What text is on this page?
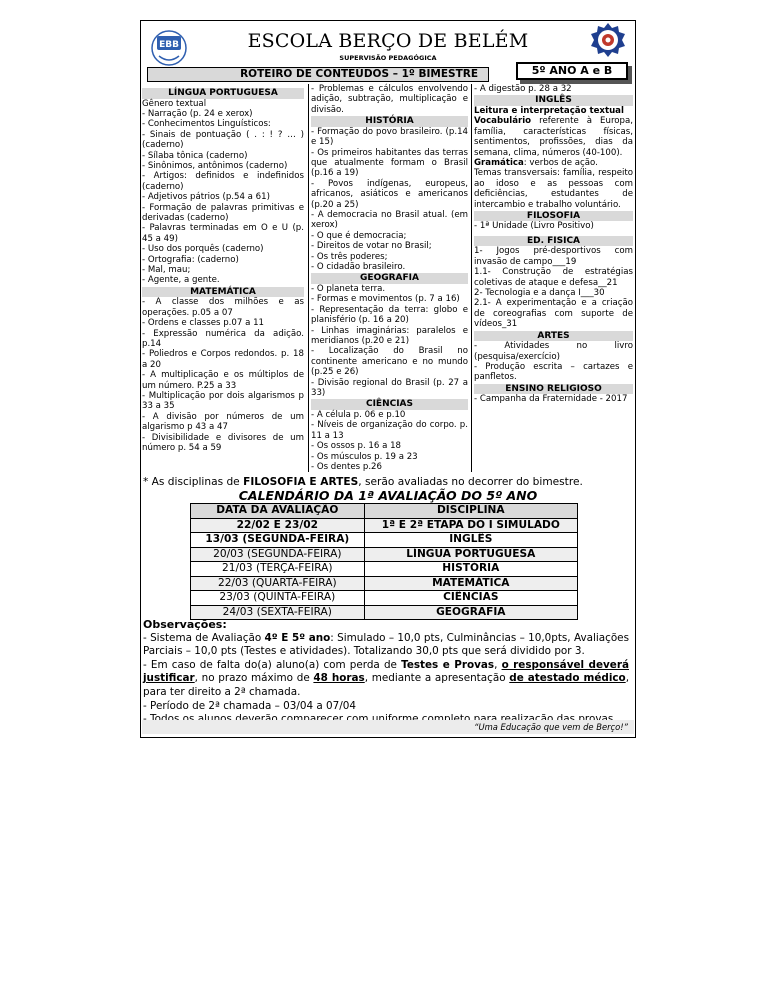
EBB	ESCOLA BERÇO DE BELÉM
SUPERVISÃO PEDAGÓGICA
ROTEIRO DE CONTEÚDOS – 1º BIMESTRE	5º ANO A e B
LÍNGUA PORTUGUESA

Gênero textual

- Narração (p. 24 e xerox)

- Conhecimentos Linguísticos:

- Sinais de pontuação ( . : ! ? … ) (caderno)

- Sílaba tônica (caderno)

- Sinônimos, antônimos (caderno)

- Artigos: definidos e indefinidos (caderno)

- Adjetivos pátrios (p.54 a 61)

- Formação de palavras primitivas e derivadas (caderno)

- Palavras terminadas em O e U (p. 45 a 49)

- Uso dos porquês (caderno)

- Ortografia: (caderno)

- Mal, mau;

- Agente, a gente.

MATEMÁTICA

- A classe dos milhões e as operações. p.05 a 07

- Ordens e classes p.07 a 11

- Expressão numérica da adição. p.14

- Poliedros e Corpos redondos. p. 18 a 20

- A multiplicação e os múltiplos de um número. P.25 a 33

- Multiplicação por dois algarismos p 33 a 35

- A divisão por números de um algarismo p 43 a 47

- Divisibilidade e divisores de um número p. 54 a 59

- Problemas e cálculos envolvendo adição, subtração, multiplicação e divisão.

HISTÓRIA

- Formação do povo brasileiro. (p.14 e 15)

- Os primeiros habitantes das terras que atualmente formam o Brasil (p.16 a 19)

- Povos indígenas, europeus, africanos, asiáticos e americanos (p.20 a 25)

- A democracia no Brasil atual. (em xerox)

- O que é democracia;

- Direitos de votar no Brasil;

- Os três poderes;

- O cidadão brasileiro.

GEOGRAFIA

- O planeta terra.

- Formas e movimentos (p. 7 a 16)

- Representação da terra: globo e planisfério (p. 16 a 20)

- Linhas imaginárias: paralelos e meridianos (p.20 e 21)

- Localização do Brasil no continente americano e no mundo (p.25 e 26)

- Divisão regional do Brasil (p. 27 a 33)

CIÊNCIAS

- A célula p. 06 e p.10

- Níveis de organização do corpo. p. 11 a 13

- Os ossos p. 16 a 18

- Os músculos p. 19 a 23

- Os dentes p.26

- A digestão p. 28 a 32

INGLÊS

Leitura e interpretação textual

Vocabulário referente à Europa, família, características físicas, sentimentos, profissões, dias da semana, clima, números (40-100).

Gramática: verbos de ação.

Temas transversais: família, respeito ao idoso e as pessoas com deficiências, estudantes de intercambio e trabalho voluntário.

FILOSOFIA

- 1ª Unidade (Livro Positivo)

ED. FISICA

1- Jogos pré-desportivos com invasão de campo___19

1.1- Construção de estratégias coletivas de ataque e defesa__21

2- Tecnologia e a dança I___30

2.1- A experimentação e a criação de coreografias com suporte de vídeos_31

ARTES

- Atividades no livro (pesquisa/exercício)

- Produção escrita – cartazes e panfletos.

ENSINO RELIGIOSO

- Campanha da Fraternidade - 2017

* As disciplinas de FILOSOFIA E ARTES, serão avaliadas no decorrer do bimestre.
CALENDÁRIO DA 1ª AVALIAÇÃO DO 5º ANO
DATA DA AVALIAÇÃO	DISCIPLINA
22/02 E 23/02	1ª E 2ª ETAPA DO I SIMULADO
13/03 (SEGUNDA-FEIRA)	INGLÊS
20/03 (SEGUNDA-FEIRA)	LÍNGUA PORTUGUESA
21/03 (TERÇA-FEIRA)	HISTÓRIA
22/03 (QUARTA-FEIRA)	MATEMÁTICA
23/03 (QUINTA-FEIRA)	CIÊNCIAS
24/03 (SEXTA-FEIRA)	GEOGRAFIA

Observações:

- Sistema de Avaliação 4º E 5º ano: Simulado – 10,0 pts, Culminâncias – 10,0pts, Avaliações Parciais – 10,0 pts (Testes e atividades). Totalizando 30,0 pts que será dividido por 3.

- Em caso de falta do(a) aluno(a) com perda de Testes e Provas, o responsável deverá justificar, no prazo máximo de 48 horas, mediante a apresentação de atestado médico, para ter direito a 2ª chamada.

- Período de 2ª chamada – 03/04 a 07/04

“Uma Educação que vem de Berço!”
